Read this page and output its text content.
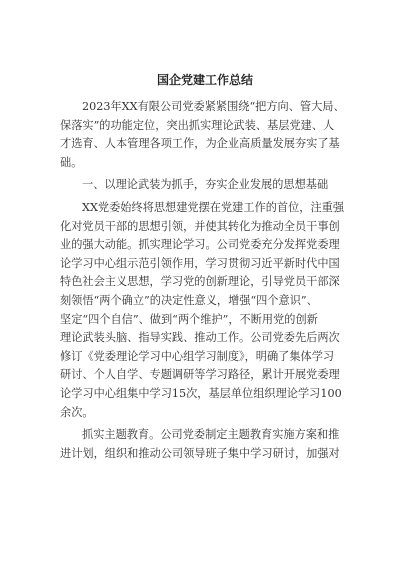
国企党建工作总结
2023年XX有限公司党委紧紧围绕“把方向、管大局、
保落实”的功能定位，突出抓实理论武装、基层党建、人
才选育、人本管理各项工作，为企业高质量发展夯实了基
础。
一、以理论武装为抓手，夯实企业发展的思想基础
XX党委始终将思想建党摆在党建工作的首位，注重强
化对党员干部的思想引领，并使其转化为推动全员干事创
业的强大动能。抓实理论学习。公司党委充分发挥党委理
论学习中心组示范引领作用，学习贯彻习近平新时代中国
特色社会主义思想，学习党的创新理论，引导党员干部深
刻领悟“两个确立”的决定性意义，增强“四个意识”、
坚定“四个自信”、做到“两个维护”，不断用党的创新
理论武装头脑、指导实践、推动工作。公司党委先后两次
修订《党委理论学习中心组学习制度》，明确了集体学习
研讨、个人自学、专题调研等学习路径，累计开展党委理
论学习中心组集中学习15次，基层单位组织理论学习100
余次。
抓实主题教育。公司党委制定主题教育实施方案和推
进计划，组织和推动公司领导班子集中学习研讨，加强对
